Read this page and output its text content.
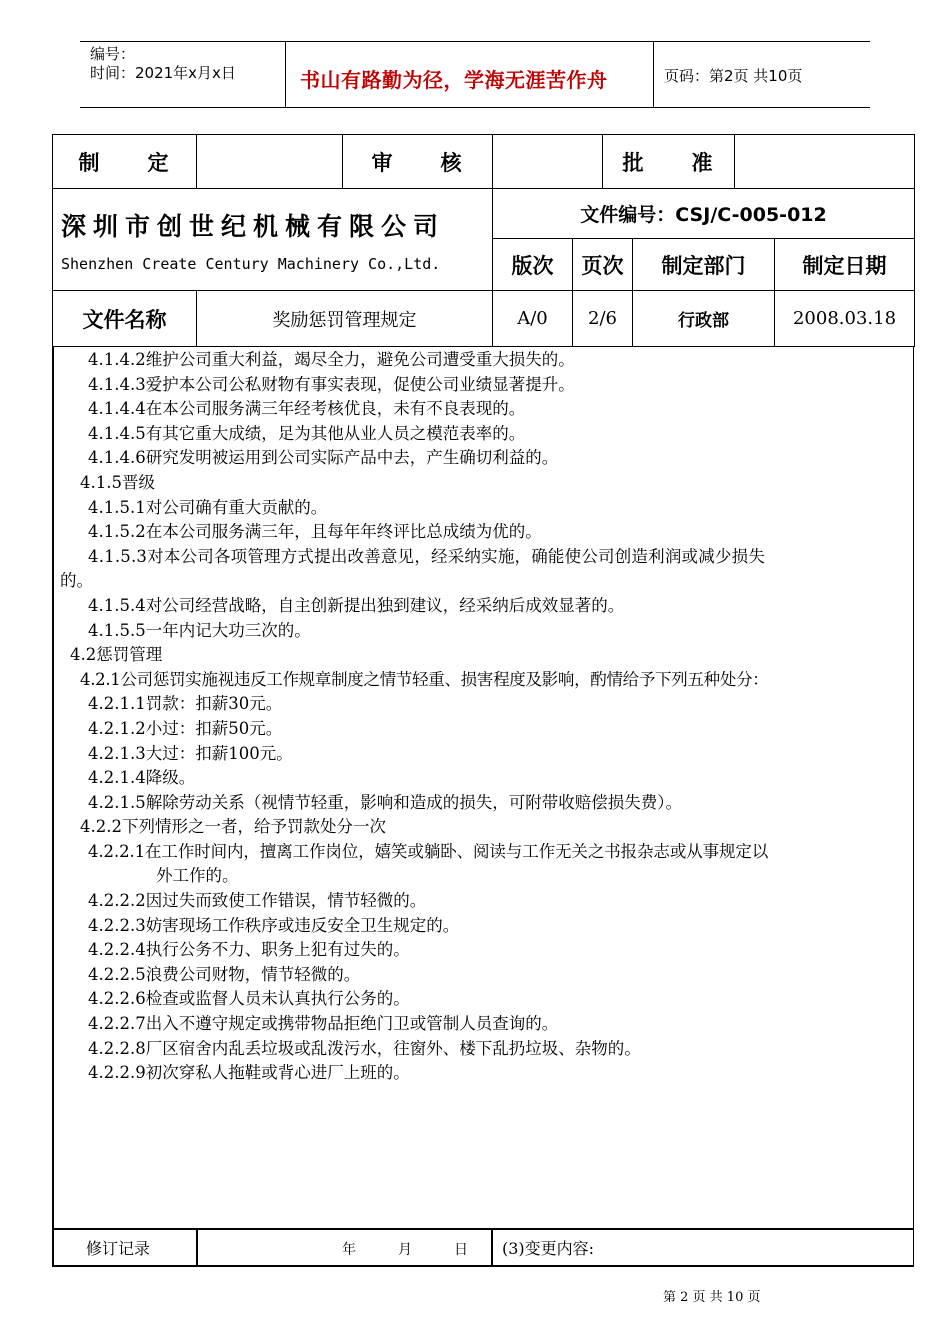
编号：
时间：2021年x月x日	书山有路勤为径，学海无涯苦作舟	页码：第2页 共10页
制　　定		审　　核			批　　准			

深圳市创世纪机械有限公司
Shenzhen Create Century Machinery Co.,Ltd.			文件编号：CSJ/C-005-012					
			版次	页次		制定部门		制定日期
文件名称	奖励惩罚管理规定		A/0	2/6		行政部		2008.03.18

4.1.4.2维护公司重大利益，竭尽全力，避免公司遭受重大损失的。

4.1.4.3爱护本公司公私财物有事实表现，促使公司业绩显著提升。

4.1.4.4在本公司服务满三年经考核优良，未有不良表现的。

4.1.4.5有其它重大成绩，足为其他从业人员之模范表率的。

4.1.4.6研究发明被运用到公司实际产品中去，产生确切利益的。

4.1.5晋级

4.1.5.1对公司确有重大贡献的。

4.1.5.2在本公司服务满三年，且每年年终评比总成绩为优的。

4.1.5.3对本公司各项管理方式提出改善意见，经采纳实施，确能使公司创造利润或减少损失

的。

4.1.5.4对公司经营战略，自主创新提出独到建议，经采纳后成效显著的。

4.1.5.5一年内记大功三次的。

4.2惩罚管理

4.2.1公司惩罚实施视违反工作规章制度之情节轻重、损害程度及影响，酌情给予下列五种处分：

4.2.1.1罚款：扣薪30元。

4.2.1.2小过：扣薪50元。

4.2.1.3大过：扣薪100元。

4.2.1.4降级。

4.2.1.5解除劳动关系（视情节轻重，影响和造成的损失，可附带收赔偿损失费）。

4.2.2下列情形之一者，给予罚款处分一次

4.2.2.1在工作时间内，擅离工作岗位，嬉笑或躺卧、阅读与工作无关之书报杂志或从事规定以

外工作的。

4.2.2.2因过失而致使工作错误，情节轻微的。

4.2.2.3妨害现场工作秩序或违反安全卫生规定的。

4.2.2.4执行公务不力、职务上犯有过失的。

4.2.2.5浪费公司财物，情节轻微的。

4.2.2.6检查或监督人员未认真执行公务的。

4.2.2.7出入不遵守规定或携带物品拒绝门卫或管制人员查询的。

4.2.2.8厂区宿舍内乱丢垃圾或乱泼污水，往窗外、楼下乱扔垃圾、杂物的。

4.2.2.9初次穿私人拖鞋或背心进厂上班的。

修订记录	年　　　月　　　日 (3)变更内容:
第 2 页 共 10 页
